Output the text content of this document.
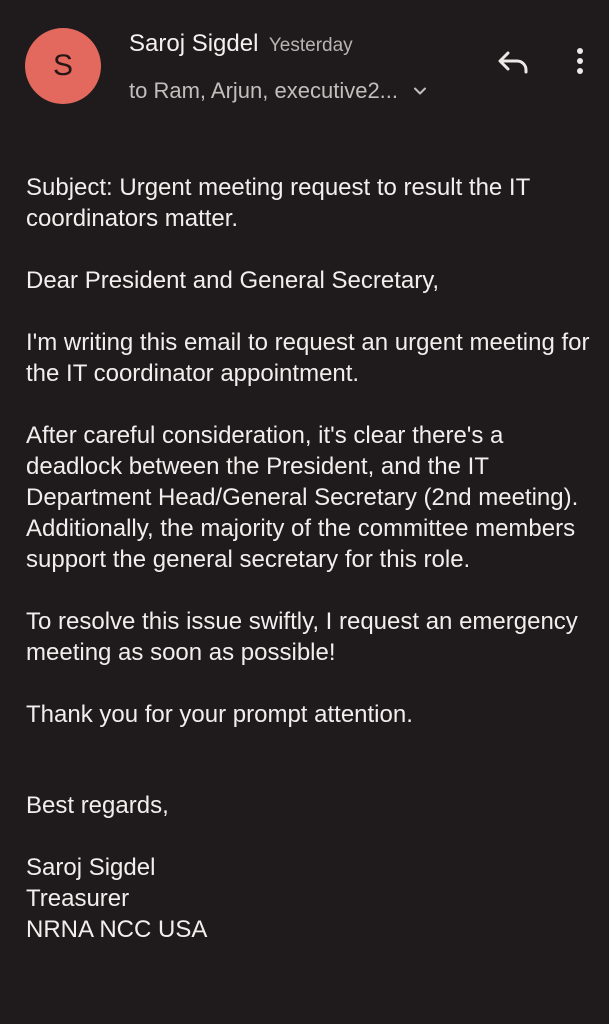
S
Saroj Sigdel Yesterday
to Ram, Arjun, executive2...

Subject: Urgent meeting request to result the IT coordinators matter.

Dear President and General Secretary,

I'm writing this email to request an urgent meeting for the IT coordinator appointment.

After careful consideration, it's clear there's a deadlock between the President, and the IT Department Head/General Secretary (2nd meeting).
Additionally, the majority of the committee members support the general secretary for this role.

To resolve this issue swiftly, I request an emergency meeting as soon as possible!

Thank you for your prompt attention.

Best regards,

Saroj Sigdel

Treasurer

NRNA NCC USA
